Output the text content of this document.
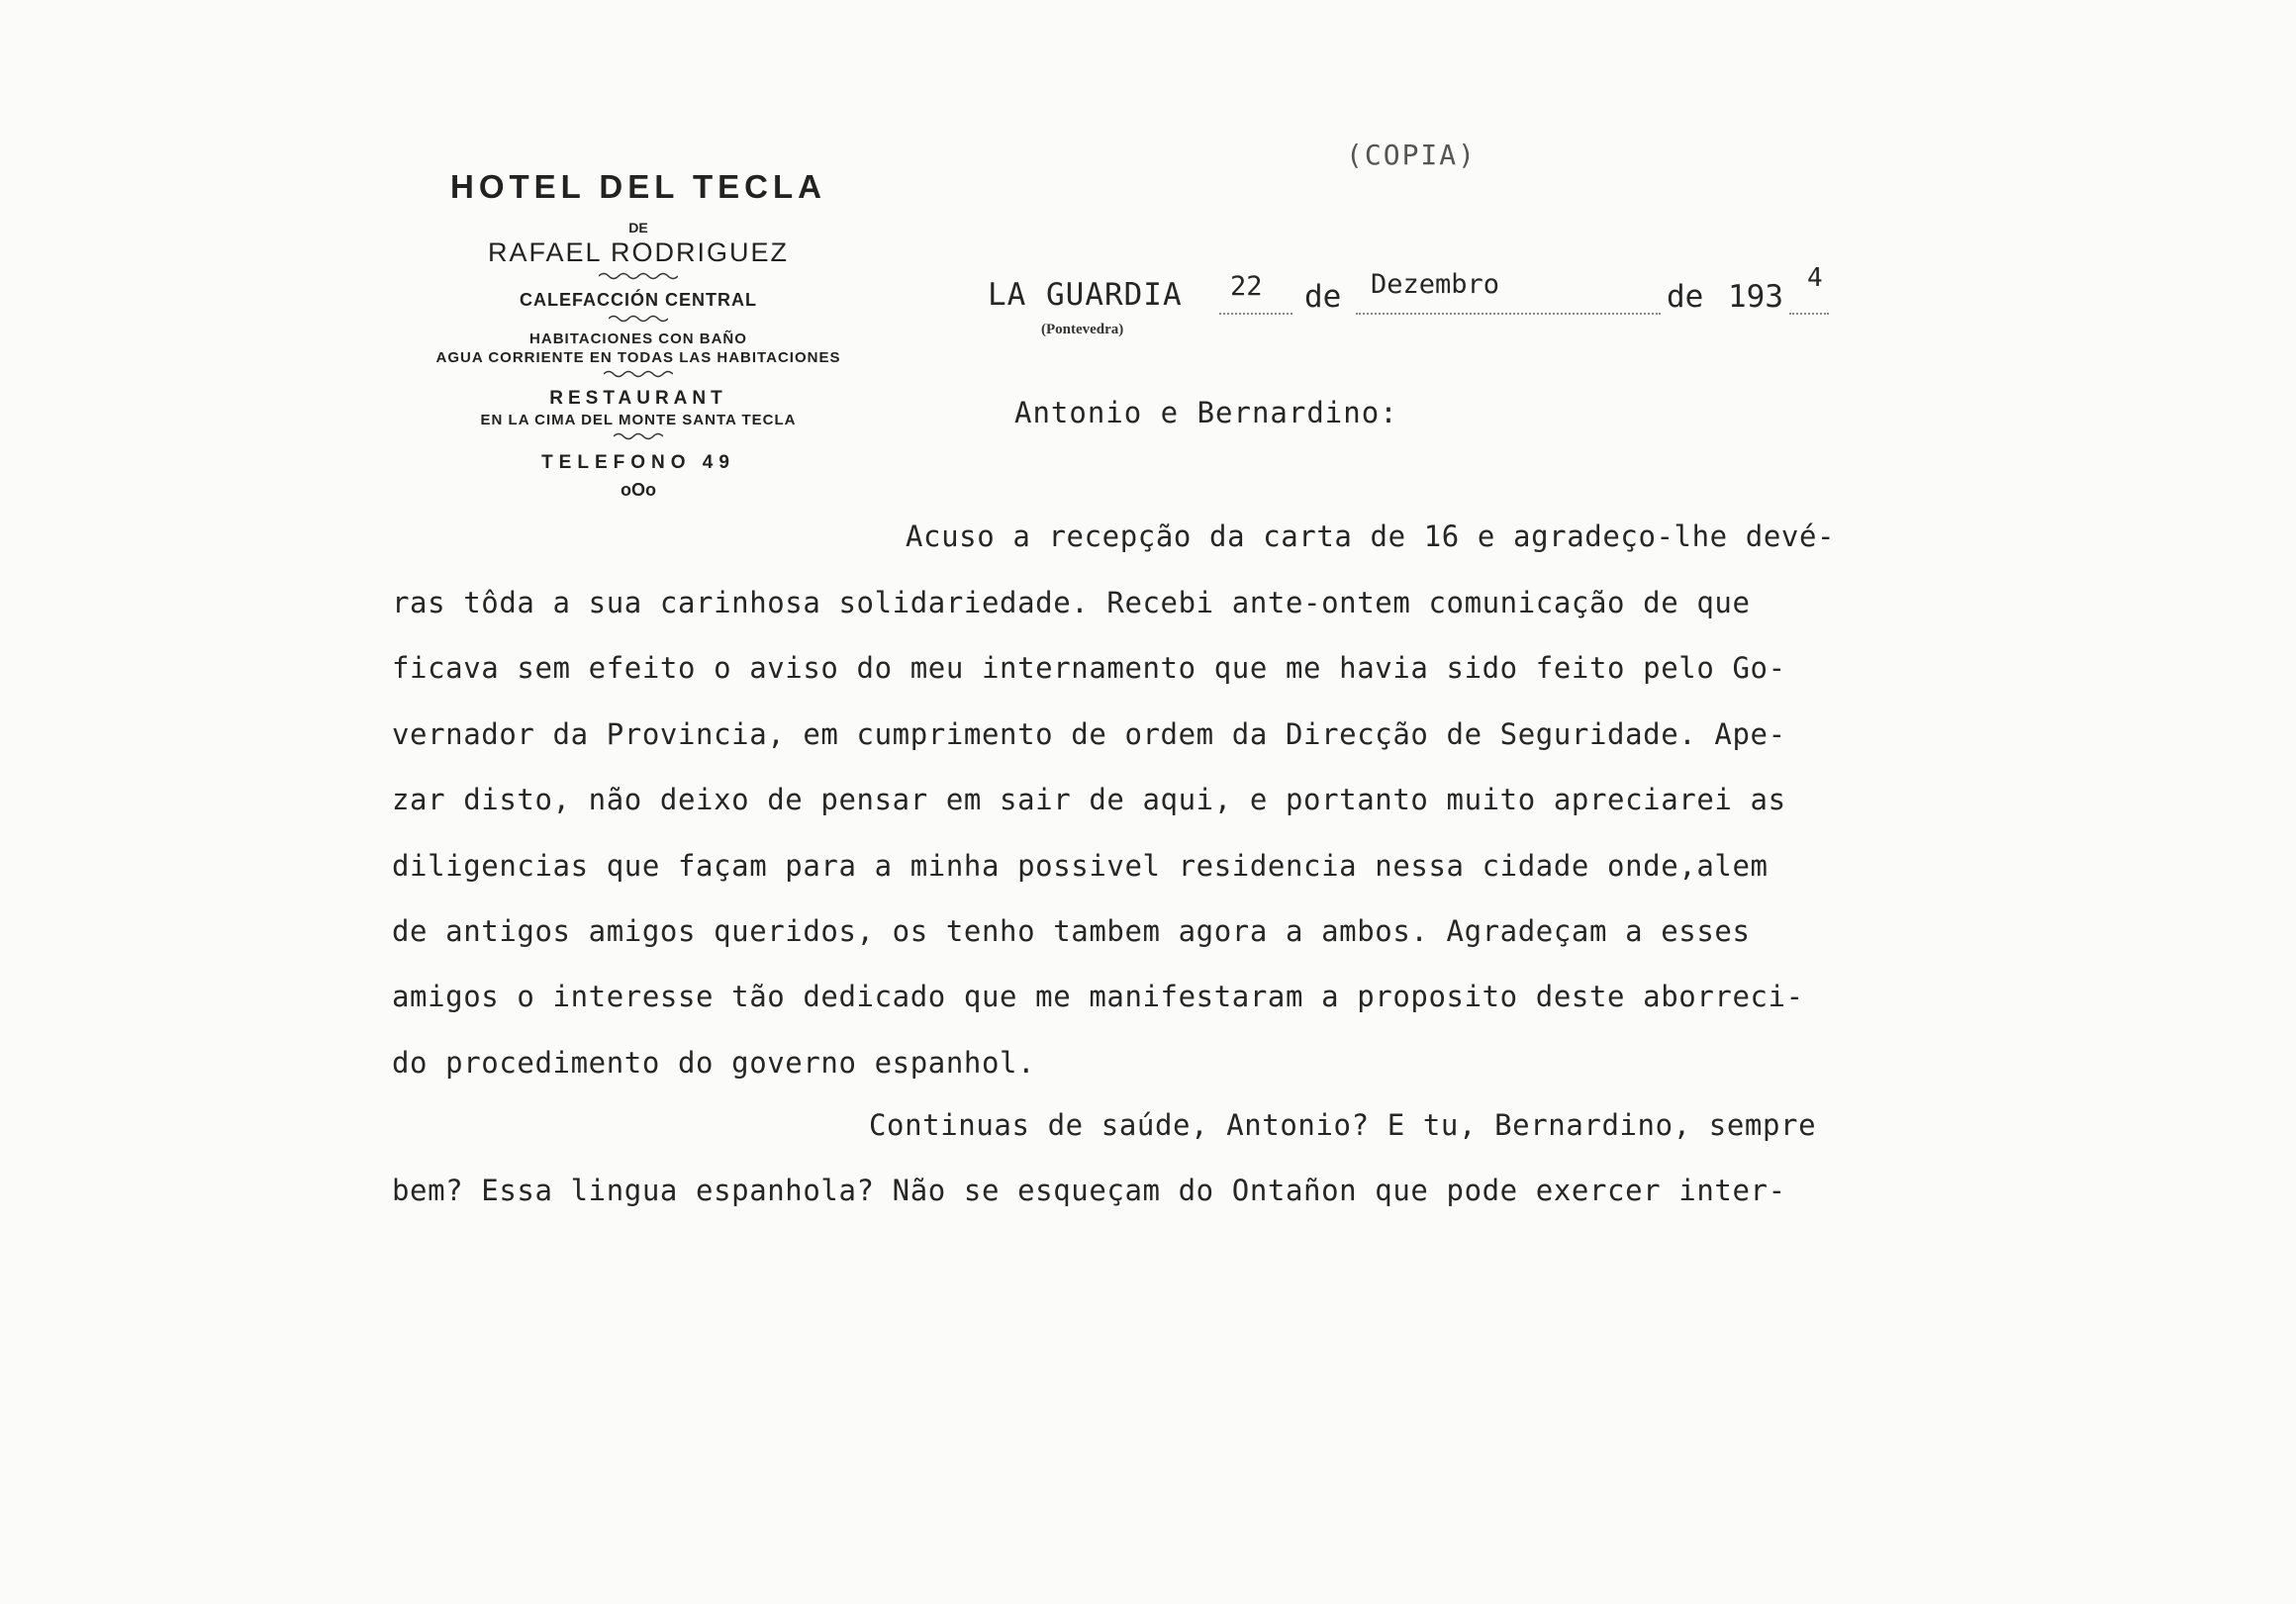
HOTEL DEL TECLA
DE
RAFAEL RODRIGUEZ
CALEFACCIÓN CENTRAL
HABITACIONES CON BAÑO
AGUA CORRIENTE EN TODAS LAS HABITACIONES
RESTAURANT
EN LA CIMA DEL MONTE SANTA TECLA
TELEFONO 49
oOo
(COPIA)
LA GUARDIA
(Pontevedra)
22 de Dezembro	de 193
4
Antonio e Bernardino:
Acuso a recepção da carta de 16 e agradeço-lhe devé-
ras tôda a sua carinhosa solidariedade. Recebi ante-ontem comunicação de que
ficava sem efeito o aviso do meu internamento que me havia sido feito pelo Go-
vernador da Provincia, em cumprimento de ordem da Direcção de Seguridade. Ape-
zar disto, não deixo de pensar em sair de aqui, e portanto muito apreciarei as
diligencias que façam para a minha possivel residencia nessa cidade onde,alem
de antigos amigos queridos, os tenho tambem agora a ambos. Agradeçam a esses
amigos o interesse tão dedicado que me manifestaram a proposito deste aborreci-
do procedimento do governo espanhol.
Continuas de saúde, Antonio? E tu, Bernardino, sempre
bem? Essa lingua espanhola? Não se esqueçam do Ontañon que pode exercer inter-
